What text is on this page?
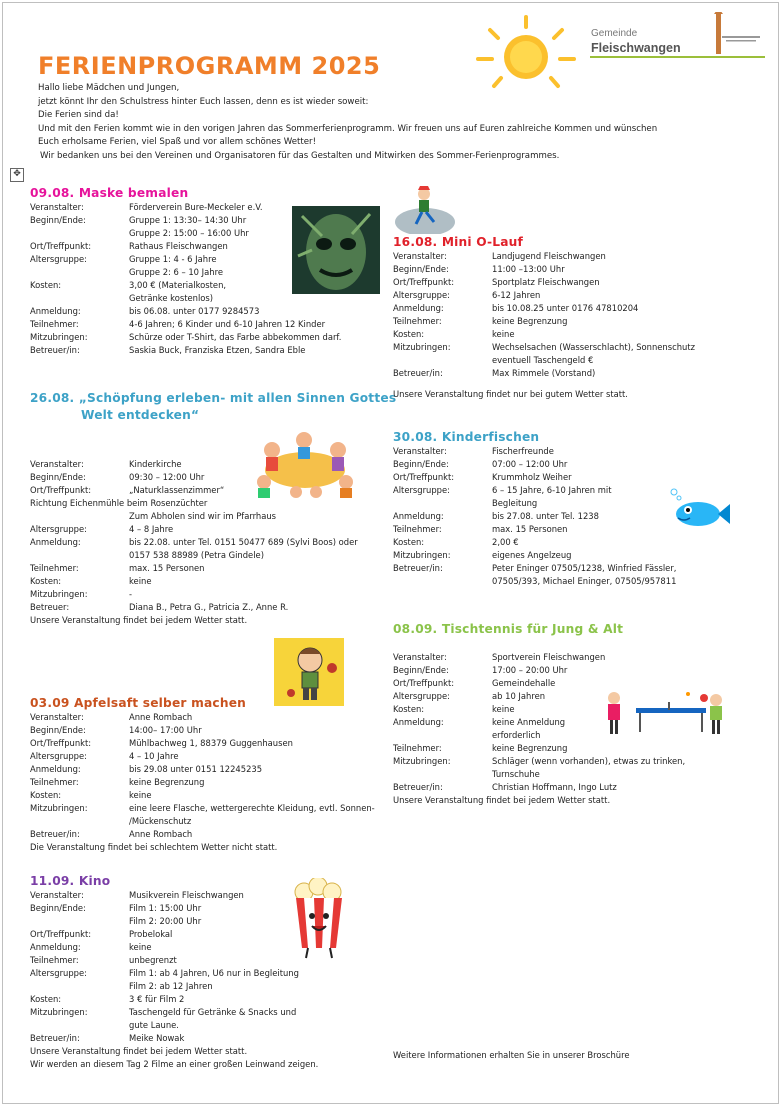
Gemeinde
Fleischwangen
FERIENPROGRAMM 2025
Hallo liebe Mädchen und Jungen,
jetzt könnt Ihr den Schulstress hinter Euch lassen, denn es ist wieder soweit:
Die Ferien sind da!
Und mit den Ferien kommt wie in den vorigen Jahren das Sommerferienprogramm. Wir freuen uns auf Euren zahlreiche Kommen und wünschen
Euch erholsame Ferien, viel Spaß und vor allem schönes Wetter!
Wir bedanken uns bei den Vereinen und Organisatoren für das Gestalten und Mitwirken des Sommer-Ferienprogrammes.
✥
09.08. Maske bemalen
Veranstalter:	Förderverein Bure-Meckeler e.V.
Beginn/Ende:	Gruppe 1: 13:30– 14:30 Uhr
Gruppe 2: 15:00 – 16:00 Uhr
Ort/Treffpunkt:	Rathaus Fleischwangen
Altersgruppe:	Gruppe 1: 4 - 6 Jahre
Gruppe 2: 6 – 10 Jahre
Kosten:	3,00 € (Materialkosten,
Getränke kostenlos)
Anmeldung:	bis 06.08. unter 0177 9284573
Teilnehmer:	4-6 Jahren; 6 Kinder und 6-10 Jahren 12 Kinder
Mitzubringen:	Schürze oder T-Shirt, das Farbe abbekommen darf.
Betreuer/in:	Saskia Buck, Franziska Etzen, Sandra Eble
26.08. „Schöpfung erleben- mit allen Sinnen Gottes
Welt entdecken“
Veranstalter:	Kinderkirche
Beginn/Ende:	09:30 – 12:00 Uhr
Ort/Treffpunkt:	„Naturklassenzimmer“
Richtung Eichenmühle beim Rosenzüchter
Zum Abholen sind wir im Pfarrhaus
Altersgruppe:	4 – 8 Jahre
Anmeldung:	bis 22.08. unter Tel. 0151 50477 689 (Sylvi Boos) oder
0157 538 88989 (Petra Gindele)
Teilnehmer:	max. 15 Personen
Kosten:	keine
Mitzubringen:	-
Betreuer:	Diana B., Petra G., Patricia Z., Anne R.
Unsere Veranstaltung findet bei jedem Wetter statt.
03.09 Apfelsaft selber machen
Veranstalter:	Anne Rombach
Beginn/Ende:	14:00– 17:00 Uhr
Ort/Treffpunkt:	Mühlbachweg 1, 88379 Guggenhausen
Altersgruppe:	4 – 10 Jahre
Anmeldung:	bis 29.08 unter 0151 12245235
Teilnehmer:	keine Begrenzung
Kosten:	keine
Mitzubringen:	eine leere Flasche, wettergerechte Kleidung, evtl. Sonnen-
/Mückenschutz
Betreuer/in:	Anne Rombach
Die Veranstaltung findet bei schlechtem Wetter nicht statt.
11.09. Kino
Veranstalter:	Musikverein Fleischwangen
Beginn/Ende:	Film 1: 15:00 Uhr
Film 2: 20:00 Uhr
Ort/Treffpunkt:	Probelokal
Anmeldung:	keine
Teilnehmer:	unbegrenzt
Altersgruppe:	Film 1: ab 4 Jahren, U6 nur in Begleitung
Film 2: ab 12 Jahren
Kosten:	3 € für Film 2
Mitzubringen:	Taschengeld für Getränke & Snacks und
gute Laune.
Betreuer/in:	Meike Nowak
Unsere Veranstaltung findet bei jedem Wetter statt.
Wir werden an diesem Tag 2 Filme an einer großen Leinwand zeigen.
16.08. Mini O-Lauf
Veranstalter:	Landjugend Fleischwangen
Beginn/Ende:	11:00 –13:00 Uhr
Ort/Treffpunkt:	Sportplatz Fleischwangen
Altersgruppe:	6-12 Jahren
Anmeldung:	bis 10.08.25 unter 0176 47810204
Teilnehmer:	keine Begrenzung
Kosten:	keine
Mitzubringen:	Wechselsachen (Wasserschlacht), Sonnenschutz
eventuell Taschengeld €
Betreuer/in:	Max Rimmele (Vorstand)
Unsere Veranstaltung findet nur bei gutem Wetter statt.
30.08. Kinderfischen
Veranstalter:	Fischerfreunde
Beginn/Ende:	07:00 – 12:00 Uhr
Ort/Treffpunkt:	Krummholz Weiher
Altersgruppe:	6 – 15 Jahre, 6-10 Jahren mit
Begleitung
Anmeldung:	bis 27.08. unter Tel. 1238
Teilnehmer:	max. 15 Personen
Kosten:	2,00 €
Mitzubringen:	eigenes Angelzeug
Betreuer/in:	Peter Eninger 07505/1238, Winfried Fässler,
07505/393, Michael Eninger, 07505/957811
08.09. Tischtennis für Jung & Alt
Veranstalter:	Sportverein Fleischwangen
Beginn/Ende:	17:00 – 20:00 Uhr
Ort/Treffpunkt:	Gemeindehalle
Altersgruppe:	ab 10 Jahren
Kosten:	keine
Anmeldung:	keine Anmeldung
erforderlich
Teilnehmer:	keine Begrenzung
Mitzubringen:	Schläger (wenn vorhanden), etwas zu trinken,
Turnschuhe
Betreuer/in:	Christian Hoffmann, Ingo Lutz
Unsere Veranstaltung findet bei jedem Wetter statt.
Weitere Informationen erhalten Sie in unserer Broschüre
